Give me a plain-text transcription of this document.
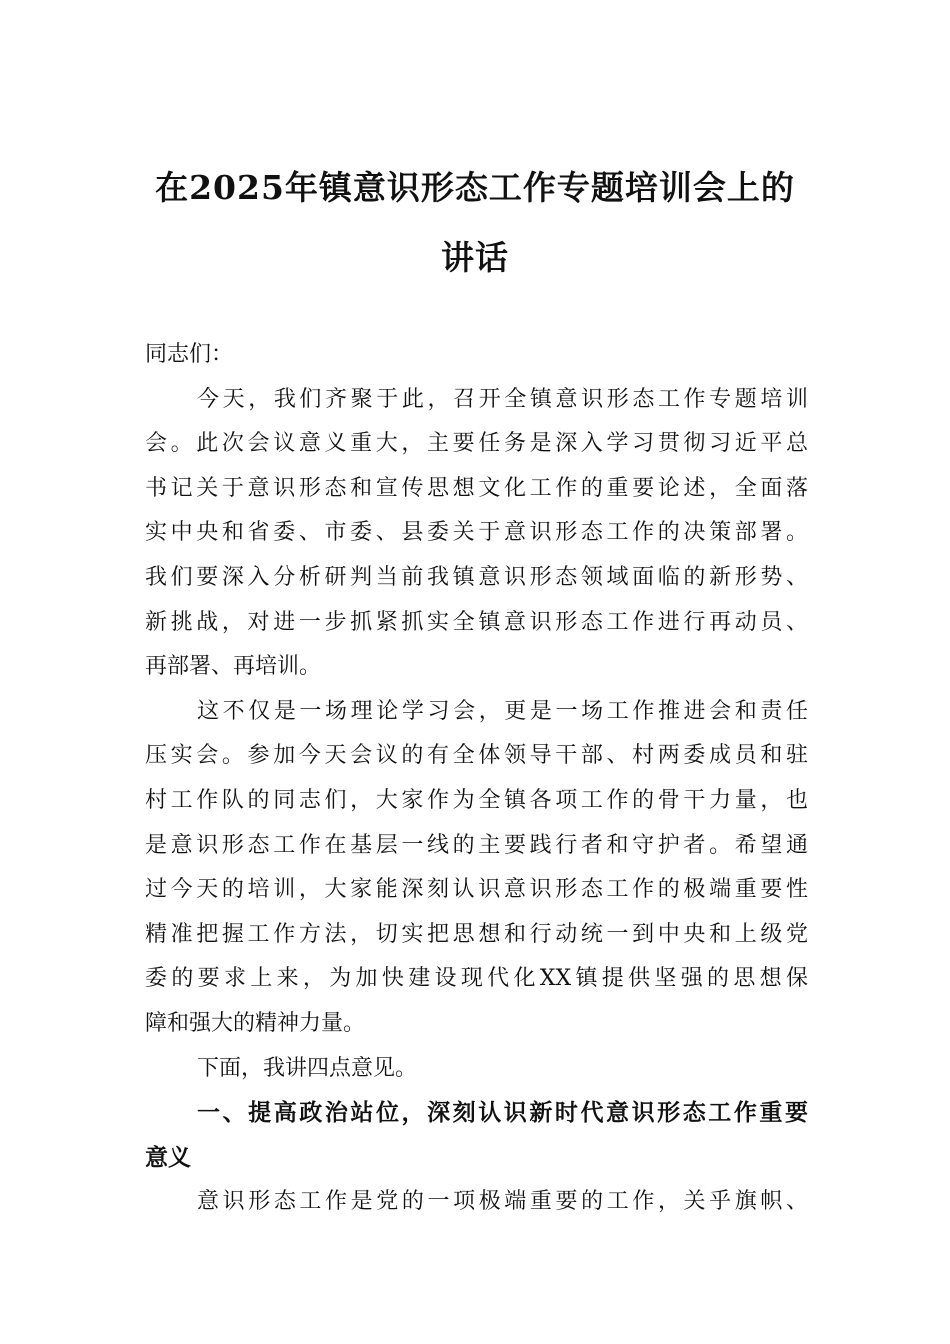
在2025年镇意识形态工作专题培训会上的
讲话
同志们：
今天，我们齐聚于此，召开全镇意识形态工作专题培训
会。此次会议意义重大，主要任务是深入学习贯彻习近平总
书记关于意识形态和宣传思想文化工作的重要论述，全面落
实中央和省委、市委、县委关于意识形态工作的决策部署。
我们要深入分析研判当前我镇意识形态领域面临的新形势、
新挑战，对进一步抓紧抓实全镇意识形态工作进行再动员、
再部署、再培训。
这不仅是一场理论学习会，更是一场工作推进会和责任
压实会。参加今天会议的有全体领导干部、村两委成员和驻
村工作队的同志们，大家作为全镇各项工作的骨干力量，也
是意识形态工作在基层一线的主要践行者和守护者。希望通
过今天的培训，大家能深刻认识意识形态工作的极端重要性
精准把握工作方法，切实把思想和行动统一到中央和上级党
委的要求上来，为加快建设现代化XX镇提供坚强的思想保
障和强大的精神力量。
下面，我讲四点意见。
一、提高政治站位，深刻认识新时代意识形态工作重要
意义
意识形态工作是党的一项极端重要的工作，关乎旗帜、
